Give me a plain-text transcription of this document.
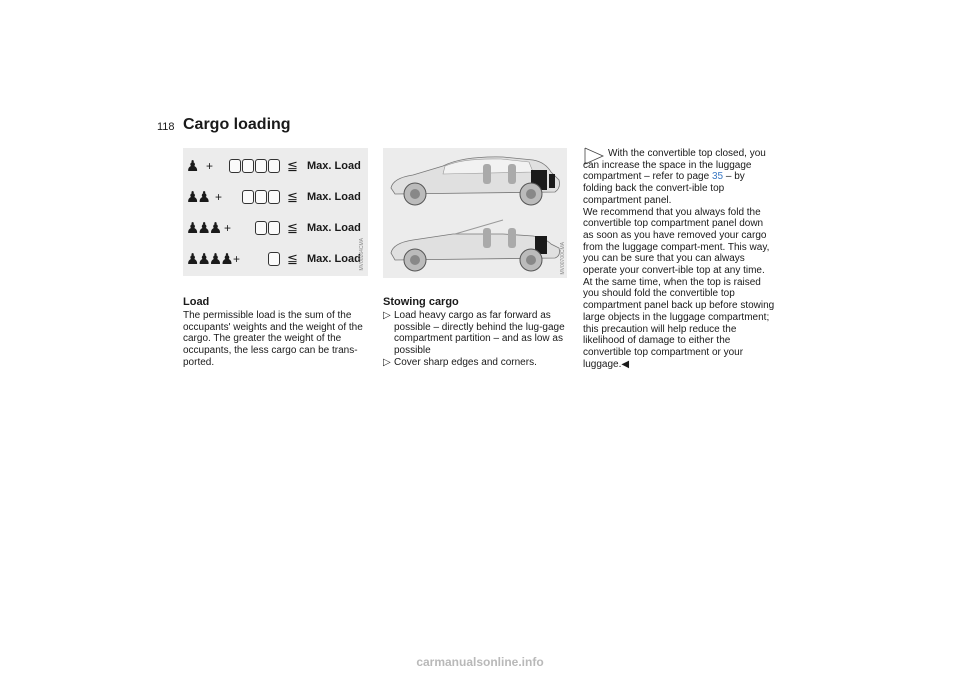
118 Cargo loading
♟ +	≦ Max. Load
♟♟ +	≦ Max. Load
♟♟♟ +	≦ Max. Load
♟♟♟♟ +	≦ Max. Load
MV00264CMA	MV00700CMA
Load

The permissible load is the sum of the occupants' weights and the weight of the cargo. The greater the weight of the occupants, the less cargo can be trans-ported.

Stowing cargo
▷ Load heavy cargo as far forward as possible – directly behind the lug-gage compartment partition – and as low as possible
▷ Cover sharp edges and corners.

With the convertible top closed, you can increase the space in the luggage compartment – refer to page 35 – by folding back the convert-ible top compartment panel.

We recommend that you always fold the convertible top compartment panel down as soon as you have removed your cargo from the luggage compart-ment. This way, you can be sure that you can always operate your convert-ible top at any time.

At the same time, when the top is raised you should fold the convertible top compartment panel back up before stowing large objects in the luggage compartment; this precaution will help reduce the likelihood of damage to either the convertible top compartment or your luggage.◀

carmanualsonline.info
